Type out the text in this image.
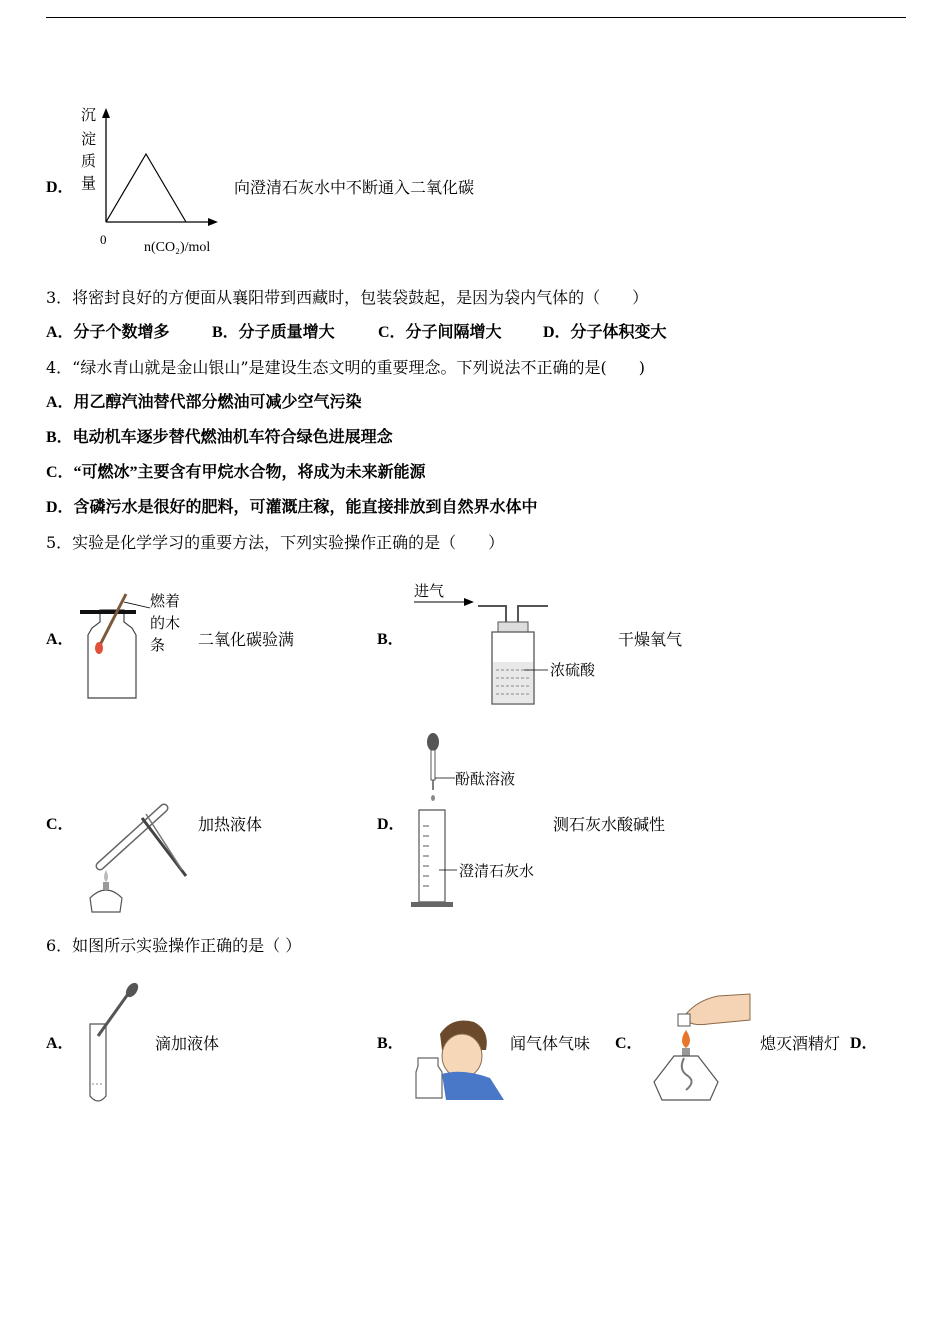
D．
沉
淀
质
量
0
n(CO₂)/mol
向澄清石灰水中不断通入二氧化碳
3．将密封良好的方便面从襄阳带到西藏时，包装袋鼓起，是因为袋内气体的（　　）
A．分子个数增多	B．分子质量增大	C．分子间隔增大	D．分子体积变大
4．“绿水青山就是金山银山”是建设生态文明的重要理念。下列说法不正确的是(　　)
A．用乙醇汽油替代部分燃油可减少空气污染
B．电动机车逐步替代燃油机车符合绿色进展理念
C．“可燃冰”主要含有甲烷水合物，将成为未来新能源
D．含磷污水是很好的肥料，可灌溉庄稼，能直接排放到自然界水体中
5．实验是化学学习的重要方法，下列实验操作正确的是（　　）
A．
燃着
的木
条 二氧化碳验满	B．
进气
浓硫酸
干燥氧气
C．	加热液体	D．
酚酞溶液
澄清石灰水
测石灰水酸碱性
6．如图所示实验操作正确的是（ ）
A．	滴加液体	B．	闻气体气味 C．	熄灭酒精灯 D．
